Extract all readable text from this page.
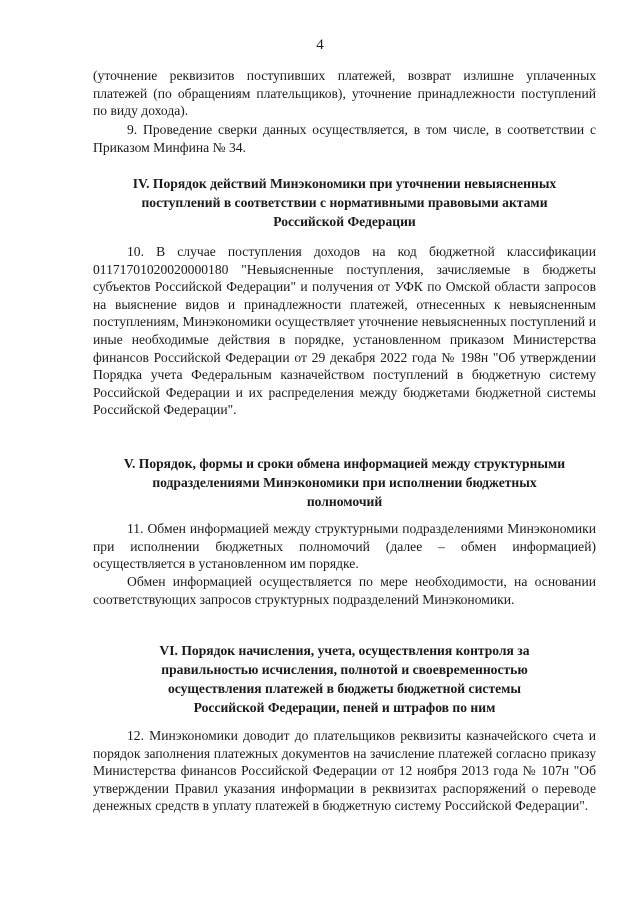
4

(уточнение реквизитов поступивших платежей, возврат излишне уплаченных платежей (по обращениям плательщиков), уточнение принадлежности поступлений по виду дохода).

9. Проведение сверки данных осуществляется, в том числе, в соответствии с Приказом Минфина № 34.

IV. Порядок действий Минэкономики при уточнении невыясненных поступлений в соответствии с нормативными правовыми актами Российской Федерации

10. В случае поступления доходов на код бюджетной классификации 01171701020020000180 "Невыясненные поступления, зачисляемые в бюджеты субъектов Российской Федерации" и получения от УФК по Омской области запросов на выяснение видов и принадлежности платежей, отнесенных к невыясненным поступлениям, Минэкономики осуществляет уточнение невыясненных поступлений и иные необходимые действия в порядке, установленном приказом Министерства финансов Российской Федерации от 29 декабря 2022 года № 198н "Об утверждении Порядка учета Федеральным казначейством поступлений в бюджетную систему Российской Федерации и их распределения между бюджетами бюджетной системы Российской Федерации".

V. Порядок, формы и сроки обмена информацией между структурными подразделениями Минэкономики при исполнении бюджетных полномочий

11. Обмен информацией между структурными подразделениями Минэкономики при исполнении бюджетных полномочий (далее – обмен информацией) осуществляется в установленном им порядке.

Обмен информацией осуществляется по мере необходимости, на основании соответствующих запросов структурных подразделений Минэкономики.

VI. Порядок начисления, учета, осуществления контроля за правильностью исчисления, полнотой и своевременностью осуществления платежей в бюджеты бюджетной системы Российской Федерации, пеней и штрафов по ним

12. Минэкономики доводит до плательщиков реквизиты казначейского счета и порядок заполнения платежных документов на зачисление платежей согласно приказу Министерства финансов Российской Федерации от 12 ноября 2013 года № 107н "Об утверждении Правил указания информации в реквизитах распоряжений о переводе денежных средств в уплату платежей в бюджетную систему Российской Федерации".
